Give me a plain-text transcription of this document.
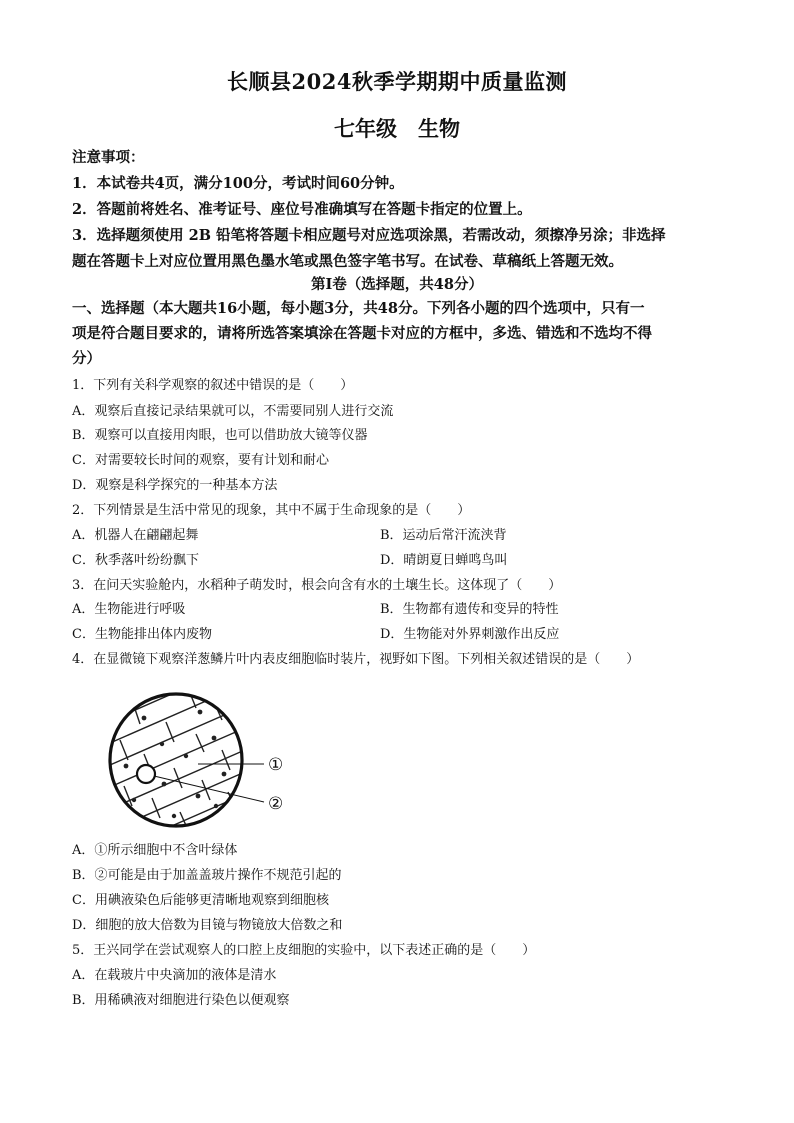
长顺县2024秋季学期期中质量监测
七年级　生物
注意事项：
1．本试卷共4页，满分100分，考试时间60分钟。
2．答题前将姓名、准考证号、座位号准确填写在答题卡指定的位置上。
3．选择题须使用 2B 铅笔将答题卡相应题号对应选项涂黑，若需改动，须擦净另涂；非选择
题在答题卡上对应位置用黑色墨水笔或黑色签字笔书写。在试卷、草稿纸上答题无效。
第Ⅰ卷（选择题，共48分）
一、选择题（本大题共16小题，每小题3分，共48分。下列各小题的四个选项中，只有一
项是符合题目要求的，请将所选答案填涂在答题卡对应的方框中，多选、错选和不选均不得
分）
1．下列有关科学观察的叙述中错误的是（　　）
A．观察后直接记录结果就可以，不需要同别人进行交流
B．观察可以直接用肉眼，也可以借助放大镜等仪器
C．对需要较长时间的观察，要有计划和耐心
D．观察是科学探究的一种基本方法
2．下列情景是生活中常见的现象，其中不属于生命现象的是（　　）
A．机器人在翩翩起舞	B．运动后常汗流浃背
C．秋季落叶纷纷飘下	D．晴朗夏日蝉鸣鸟叫
3．在问天实验舱内，水稻种子萌发时，根会向含有水的土壤生长。这体现了（　　）
A．生物能进行呼吸	B．生物都有遗传和变异的特性
C．生物能排出体内废物	D．生物能对外界刺激作出反应
4．在显微镜下观察洋葱鳞片叶内表皮细胞临时装片，视野如下图。下列相关叙述错误的是（　　）
①
②
A．①所示细胞中不含叶绿体
B．②可能是由于加盖盖玻片操作不规范引起的
C．用碘液染色后能够更清晰地观察到细胞核
D．细胞的放大倍数为目镜与物镜放大倍数之和
5．王兴同学在尝试观察人的口腔上皮细胞的实验中，以下表述正确的是（　　）
A．在载玻片中央滴加的液体是清水
B．用稀碘液对细胞进行染色以便观察
